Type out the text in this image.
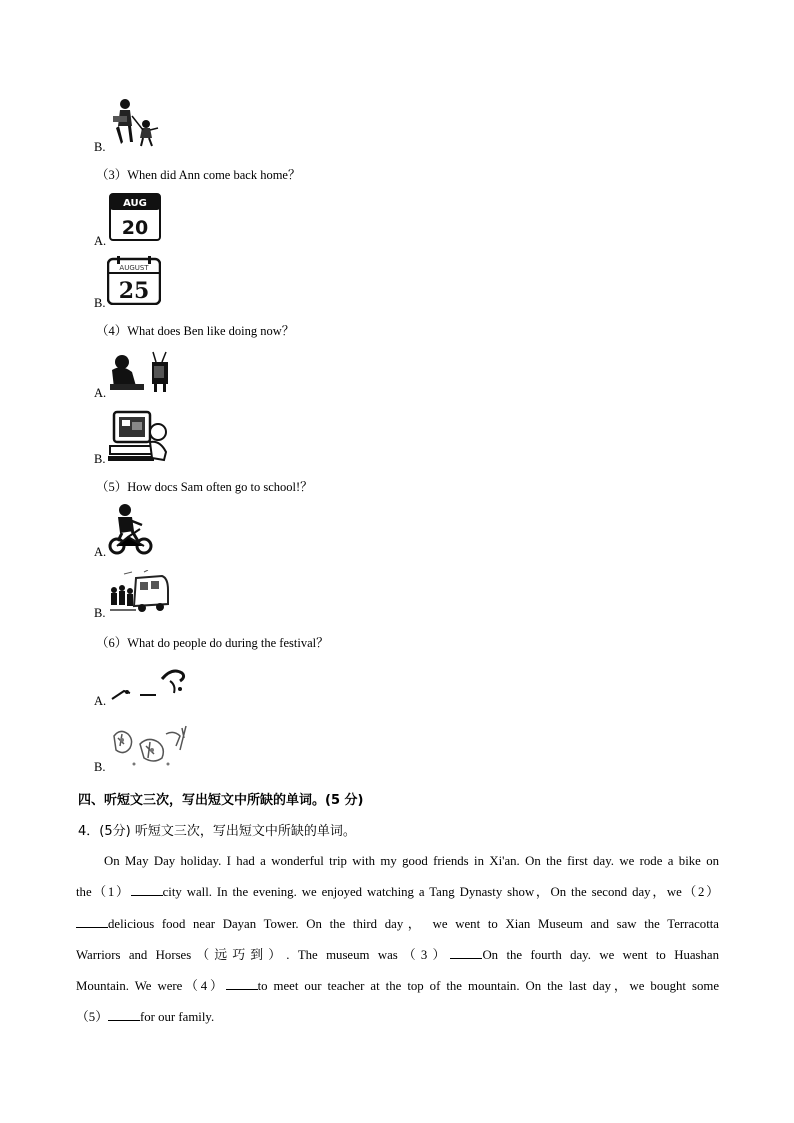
B.
（3）When did Ann come back home？
AUG
20
A.
AUGUST
25
B.
（4）What does Ben like doing now？
A.
B.
（5）How docs Sam often go to school!？
A.
B.
（6）What do people do during the festival？
A.
B.
四、听短文三次，写出短文中所缺的单词。(5 分)
4．(5分) 听短文三次，写出短文中所缺的单词。
On May Day holiday. I had a wonderful trip with my good friends in Xi'an. On the first day. we rode a bike on
the（1）	city wall. In the evening. we enjoyed watching a Tang Dynasty show，On the second day，we（2）
delicious food near Dayan Tower. On the third day， we went to Xian Museum and saw the Terracotta
Warriors and Horses（远巧到）. The museum was（3）	On the fourth day. we went to Huashan
Mountain. We were（4）	to meet our teacher at the top of the mountain. On the last day，we bought some
（5）	for our family.
